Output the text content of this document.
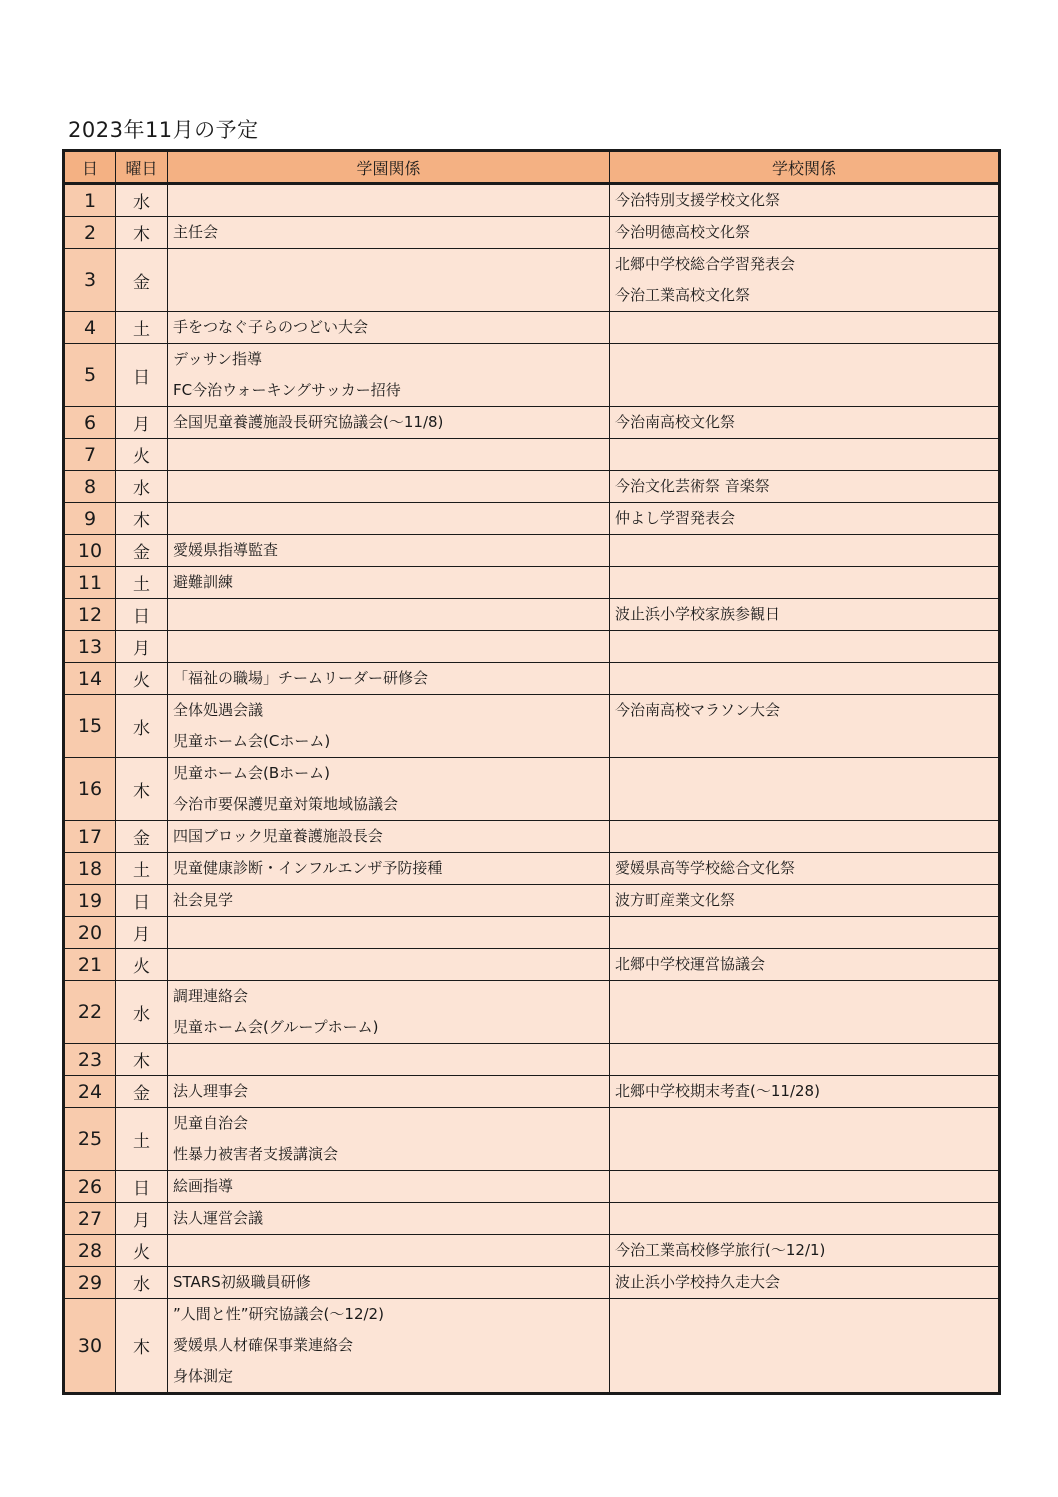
2023年11月の予定
日	曜日	学園関係	学校関係
1	水		今治特別支援学校文化祭

2	木	主任会	今治明徳高校文化祭

3	金		北郷中学校総合学習発表会
今治工業高校文化祭

4	土	手をつなぐ子らのつどい大会	

5	日	デッサン指導
FC今治ウォーキングサッカー招待	

6	月	全国児童養護施設長研究協議会(～11/8)	今治南高校文化祭

7	火	

8	水		今治文化芸術祭 音楽祭

9	木		仲よし学習発表会

10	金	愛媛県指導監査	

11	土	避難訓練	

12	日		波止浜小学校家族参観日

13	月	

14	火	「福祉の職場」チームリーダー研修会	

15	水	全体処遇会議
児童ホーム会(Cホーム)	今治南高校マラソン大会

16	木	児童ホーム会(Bホーム)
今治市要保護児童対策地域協議会	

17	金	四国ブロック児童養護施設長会	

18	土	児童健康診断・インフルエンザ予防接種	愛媛県高等学校総合文化祭

19	日	社会見学	波方町産業文化祭

20	月	

21	火		北郷中学校運営協議会

22	水	調理連絡会
児童ホーム会(グループホーム)	

23	木	

24	金	法人理事会	北郷中学校期末考査(～11/28)

25	土	児童自治会
性暴力被害者支援講演会	

26	日	絵画指導	

27	月	法人運営会議	

28	火		今治工業高校修学旅行(～12/1)

29	水	STARS初級職員研修	波止浜小学校持久走大会

30	木	”人間と性”研究協議会(～12/2)
愛媛県人材確保事業連絡会
身体測定	
